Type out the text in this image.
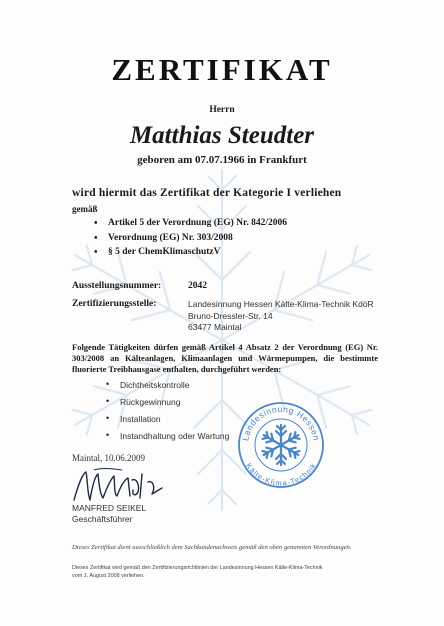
ZERTIFIKAT
Herrn
Matthias Steudter
geboren am 07.07.1966 in Frankfurt
wird hiermit das Zertifikat der Kategorie I verliehen
gemäß
• Artikel 5 der Verordnung (EG) Nr. 842/2006
• Verordnung (EG) Nr. 303/2008
• § 5 der ChemKlimaschutzV
Ausstellungsnummer:	2042
Zertifizierungsstelle:	Landesinnung Hessen Kälte-Klima-Technik KdöR
Bruno-Dressler-Str. 14
63477 Maintal
Folgende Tätigkeiten dürfen gemäß Artikel 4 Absatz 2 der Verordnung (EG) Nr. 303/2008 an Kälteanlagen, Klimaanlagen und Wärmepumpen, die bestimmte fluorierte Treibhausgase enthalten, durchgeführt werden:
• Dichtheitskontrolle
• Rückgewinnung
• Installation
• Instandhaltung oder Wartung Landesinnung Hessen
Kälte-Klima-Technik
Maintal, 10.06.2009
MANFRED SEIKEL
Geschäftsführer
Dieses Zertifikat dient ausschließlich dem Sachkundenachweis gemäß den oben genannten Verordnungen.
Dieses Zertifikat wird gemäß den Zertifizierungsrichtlinien der Landesinnung Hessen Kälte-Klima-Technik
vom 1. August 2008 verliehen.
